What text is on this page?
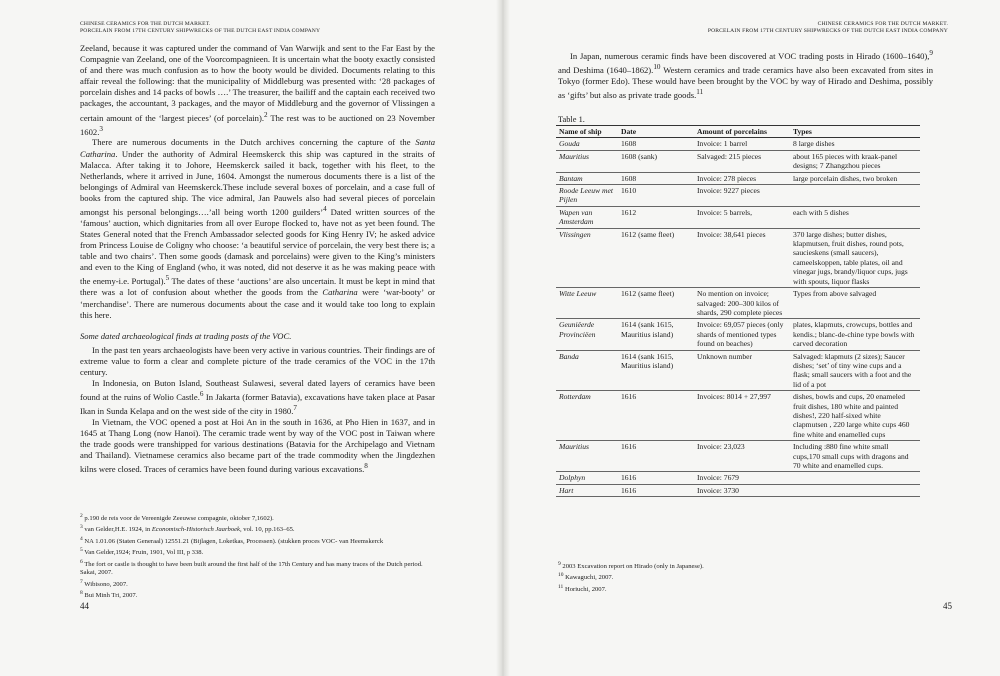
CHINESE CERAMICS FOR THE DUTCH MARKET.
PORCELAIN FROM 17TH CENTURY SHIPWRECKS OF THE DUTCH EAST INDIA COMPANY

Zeeland, because it was captured under the command of Van Warwijk and sent to the Far East by the Compagnie van Zeeland, one of the Voorcompagnieen. It is uncertain what the booty exactly consisted of and there was much confusion as to how the booty would be divided. Documents relating to this affair reveal the following: that the municipality of Middleburg was presented with: ‘28 packages of porcelain dishes and 14 packs of bowls ….’ The treasurer, the bailiff and the captain each received two packages, the accountant, 3 packages, and the mayor of Middleburg and the governor of Vlissingen a certain amount of the ‘largest pieces’ (of porcelain).$^2$ The rest was to be auctioned on 23 November 1602.$^3$

There are numerous documents in the Dutch archives concerning the capture of the Santa Catharina. Under the authority of Admiral Heemskerck this ship was captured in the straits of Malacca. After taking it to Johore, Heemskerck sailed it back, together with his fleet, to the Netherlands, where it arrived in June, 1604. Amongst the numerous documents there is a list of the belongings of Admiral van Heemskerck.These include several boxes of porcelain, and a case full of books from the captured ship. The vice admiral, Jan Pauwels also had several pieces of porcelain amongst his personal belongings….’all being worth 1200 guilders’$^4$ Dated written sources of the ‘famous’ auction, which dignitaries from all over Europe flocked to, have not as yet been found. The States General noted that the French Ambassador selected goods for King Henry IV; he asked advice from Princess Louise de Coligny who choose: ‘a beautiful service of porcelain, the very best there is; a table and two chairs’. Then some goods (damask and porcelains) were given to the King’s ministers and even to the King of England (who, it was noted, did not deserve it as he was making peace with the enemy-i.e. Portugal).$^5$ The dates of these ‘auctions’ are also uncertain. It must be kept in mind that there was a lot of confusion about whether the goods from the Catharina were ‘war-booty’ or ‘merchandise’. There are numerous documents about the case and it would take too long to explain this here.

Some dated archaeological finds at trading posts of the VOC.

In the past ten years archaeologists have been very active in various countries. Their findings are of extreme value to form a clear and complete picture of the trade ceramics of the VOC in the 17th century.

In Indonesia, on Buton Island, Southeast Sulawesi, several dated layers of ceramics have been found at the ruins of Wolio Castle.$^6$ In Jakarta (former Batavia), excavations have taken place at Pasar Ikan in Sunda Kelapa and on the west side of the city in 1980.$^7$

In Vietnam, the VOC opened a post at Hoi An in the south in 1636, at Pho Hien in 1637, and in 1645 at Thang Long (now Hanoi). The ceramic trade went by way of the VOC post in Taiwan where the trade goods were transhipped for various destinations (Batavia for the Archipelago and Vietnam and Thailand). Vietnamese ceramics also became part of the trade commodity when the Jingdezhen kilns were closed. Traces of ceramics have been found during various excavations.$^8$

$^2$ p.190 de reis voor de Vereenigde Zeeuwse compagnie, oktober 7,1602).
$^3$ van Gelder,H.E. 1924, in Economisch-Historisch Jaarboek, vol. 10, pp.163–65.
$^4$ NA 1.01.06 (Staten Generaal) 12551.21 (Bijlagen, Loketkas, Processen). (stukken proces VOC- van Heemskerck
$^5$ Van Gelder,1924; Fruin, 1901, Vol III, p 338.
$^6$ The fort or castle is thought to have been built around the first half of the 17th Century and has many traces of the Dutch period. Sakai, 2007.
$^7$ Wibisono, 2007.
$^8$ Bui Minh Tri, 2007.
44
CHINESE CERAMICS FOR THE DUTCH MARKET.
PORCELAIN FROM 17TH CENTURY SHIPWRECKS OF THE DUTCH EAST INDIA COMPANY
In Japan, numerous ceramic finds have been discovered at VOC trading posts in Hirado (1600–1640),$^9$ and Deshima (1640–1862).$^{10}$ Western ceramics and trade ceramics have also been excavated from sites in Tokyo (former Edo). These would have been brought by the VOC by way of Hirado and Deshima, possibly as ‘gifts’ but also as private trade goods.$^{11}$
Table 1.
Name of ship	Date	Amount of porcelains	Types
Gouda	1608	Invoice: 1 barrel	8 large dishes
Mauritius	1608 (sank)	Salvaged: 215 pieces	about 165 pieces with kraak-panel designs; 7 Zhangzhou pieces
Bantam	1608	Invoice: 278 pieces	large porcelain dishes, two broken
Roode Leeuw met Pijlen	1610	Invoice: 9227 pieces	
Wapen van Amsterdam	1612	Invoice: 5 barrels,	each with 5 dishes
Vlissingen	1612 (same fleet)	Invoice: 38,641 pieces	370 large dishes; butter dishes, klapmutsen, fruit dishes, round pots, saucieskens (small saucers), cameelskoppen, table plates, oil and vinegar jugs, brandy/liquor cups, jugs with spouts, liquor flasks
Witte Leeuw	1612 (same fleet)	No mention on invoice; salvaged: 200–300 kilos of shards, 290 complete pieces	Types from above salvaged
Geuniëerde Provinciëen	1614 (sank 1615, Mauritius island)	Invoice: 69,057 pieces (only shards of mentioned types found on beaches)	plates, klapmuts, crowcups, bottles and kendis.; blanc-de-chine type bowls with carved decoration
Banda	1614 (sank 1615, Mauritius island)	Unknown number	Salvaged: klapmuts (2 sizes); Saucer dishes; ‘set’ of tiny wine cups and a flask; small saucers with a foot and the lid of a pot
Rotterdam	1616	Invoices: 8014 + 27,997	dishes, bowls and cups, 20 enameled fruit dishes, 180 white and painted dishes!, 220 half-sixed white clapmutsen , 220 large white cups 460 fine white and enamelled cups
Mauritius	1616	Invoice: 23,023	Including :880 fine white small cups,170 small cups with dragons and 70 white and enamelled cups.
Dolphyn	1616	Invoice: 7679	
Hart	1616	Invoice: 3730	
$^9$ 2003 Excavation report on Hirado (only in Japanese).
$^{10}$ Kawaguchi, 2007.
$^{11}$ Horiuchi, 2007.
45
